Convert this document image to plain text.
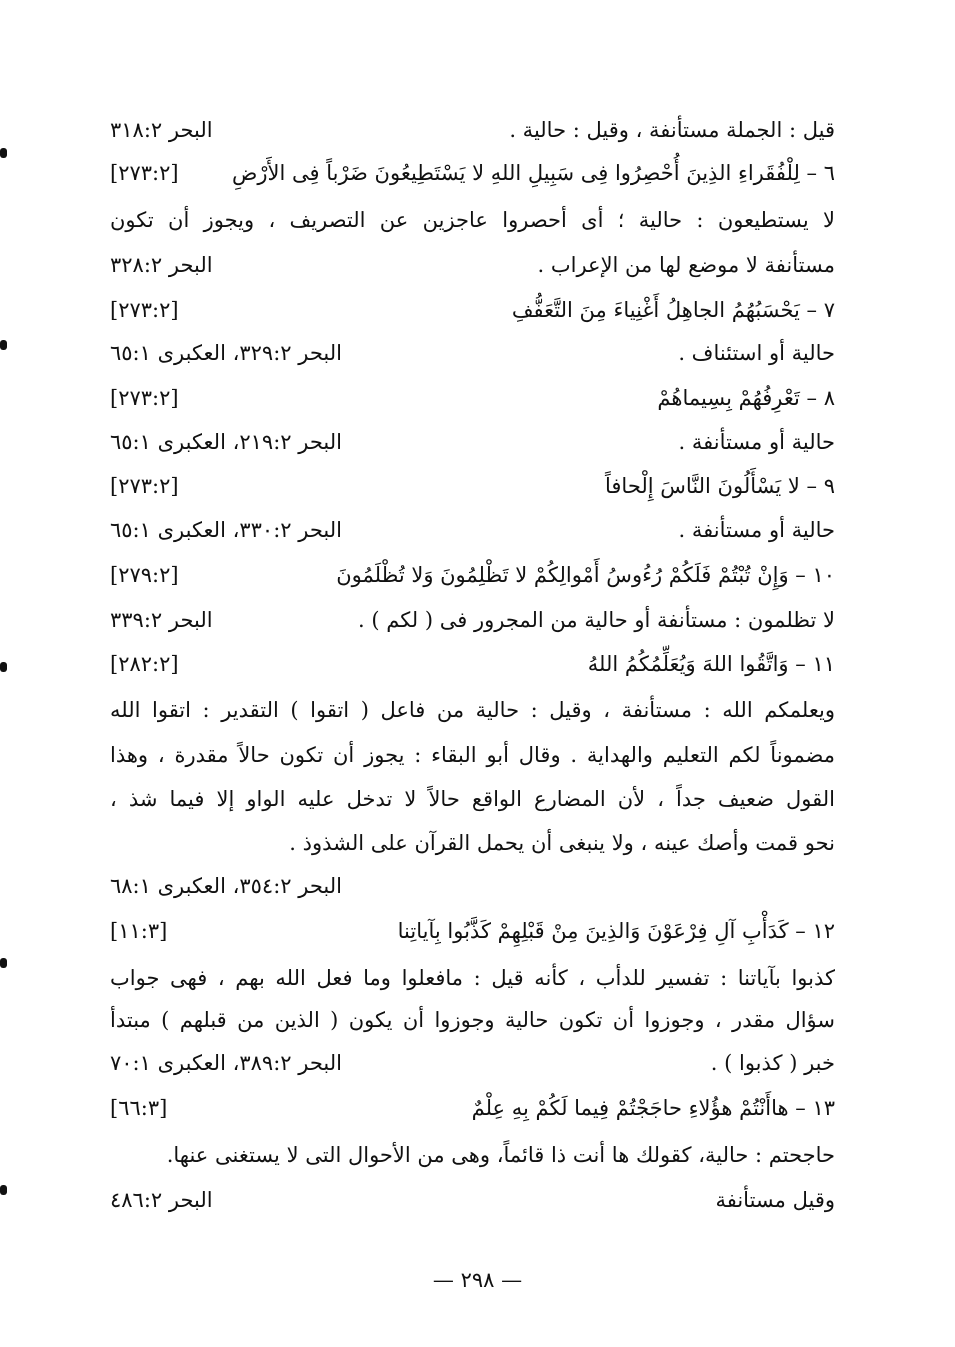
قيل : الجملة مستأنفة ، وقيل : حالية .
البحر ٣١٨:٢
٦ – لِلْفُقَراءِ الذِينَ أُحْصِرُوا فِى سَبِيلِ اللهِ لا يَسْتَطِيعُونَ ضَرْباً فِى الأَرْضِ
[٢٧٣:٢]
لا يستطيعون : حالية ؛ أى أحصروا عاجزين عن التصريف ، ويجوز أن تكون
مستأنفة لا موضع لها من الإعراب .
البحر ٣٢٨:٢
٧ – يَحْسَبُهُمُ الجاهِلُ أَغْنِياءَ مِنَ التَّعَفُّفِ
[٢٧٣:٢]
حالية أو استئناف .
البحر ٣٢٩:٢، العكبرى ٦٥:١
٨ – تَعْرِفُهُمْ بِسِيماهُمْ
[٢٧٣:٢]
حالية أو مستأنفة .
البحر ٢١٩:٢، العكبرى ٦٥:١
٩ – لا يَسْأَلُونَ النَّاسَ إِلْحافاً
[٢٧٣:٢]
حالية أو مستأنفة .
البحر ٣٣٠:٢، العكبرى ٦٥:١
١٠ – وَإِنْ تُبْتُمْ فَلَكُمْ رُءُوسُ أَمْوالِكُمْ لا تَظْلِمُونَ وَلا تُظْلَمُونَ
[٢٧٩:٢]
لا تظلمون : مستأنفة أو حالية من المجرور فى ( لكم ) .
البحر ٣٣٩:٢
١١ – وَاتَّقُوا اللهَ وَيُعَلِّمُكُمُ اللهُ
[٢٨٢:٢]
ويعلمكم الله : مستأنفة ، وقيل : حالية من فاعل ( اتقوا ) التقدير : اتقوا الله
مضموناً لكم التعليم والهداية . وقال أبو البقاء : يجوز أن تكون حالاً مقدرة ، وهذا
القول ضعيف جداً ، لأن المضارع الواقع حالاً لا تدخل عليه الواو إلا فيما شذ ،
نحو قمت وأصك عينه ، ولا ينبغى أن يحمل القرآن على الشذوذ .
البحر ٣٥٤:٢، العكبرى ٦٨:١
١٢ – كَدَأْبِ آلِ فِرْعَوْنَ وَالذِينَ مِنْ قَبْلِهِمْ كَذَّبُوا بِآياتِنا
[١١:٣]
كذبوا بآياتنا : تفسير للدأب ، كأنه قيل : مافعلوا وما فعل الله بهم ، فهى جواب
سؤال مقدر ، وجوزوا أن تكون حالية وجوزوا أن يكون ( الذين من قبلهم ) مبتدأ
خبر ( كذبوا ) .
البحر ٣٨٩:٢، العكبرى ٧٠:١
١٣ – هاأَنْتُمْ هؤُلاءِ حاجَجْتُمْ فِيما لَكُمْ بِهِ عِلْمٌ
[٦٦:٣]
حاجحتم : حالية، كقولك ها أنت ذا قائماً، وهى من الأحوال التى لا يستغنى عنها.
وقيل مستأنفة
البحر ٤٨٦:٢
— ٢٩٨ —
